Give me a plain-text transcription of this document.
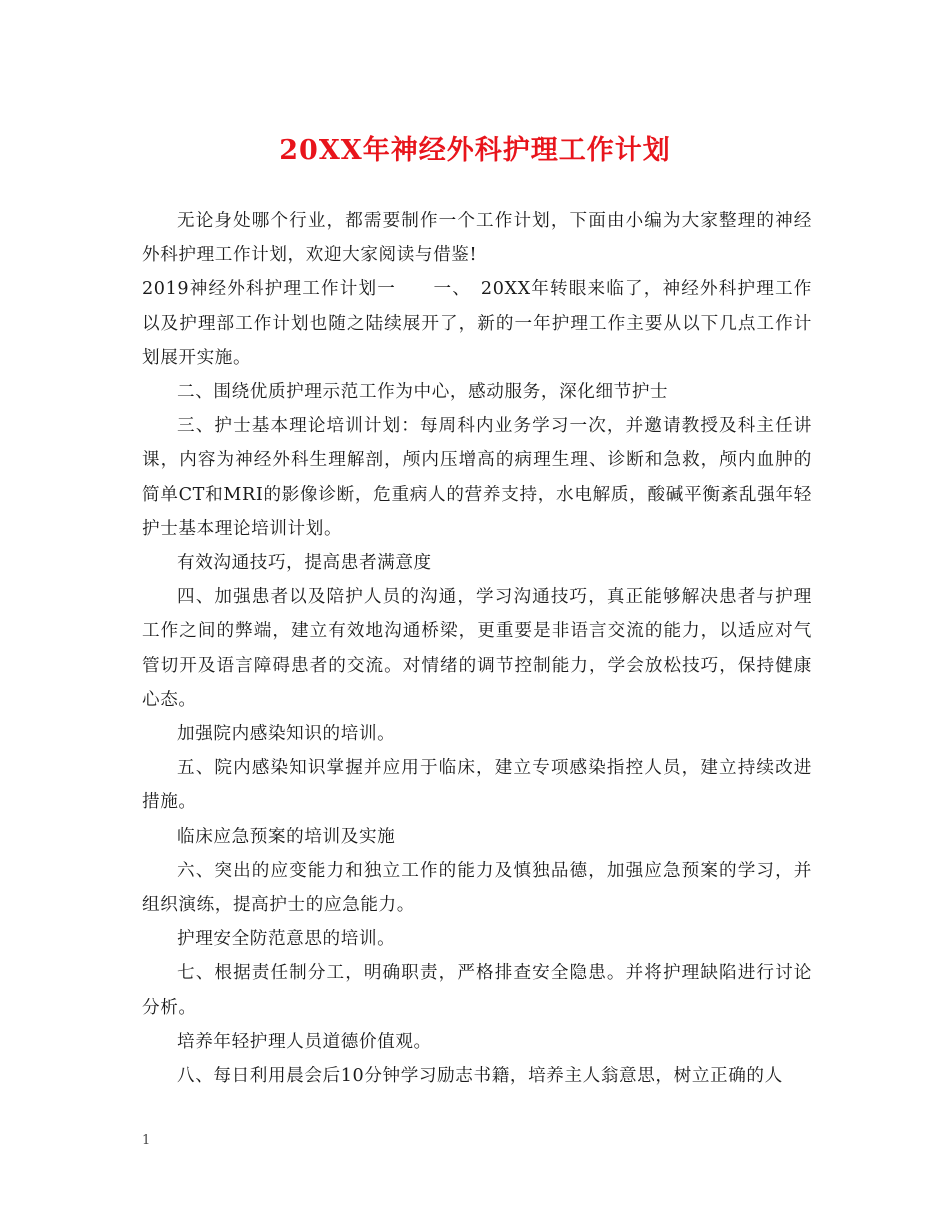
20XX年神经外科护理工作计划

无论身处哪个行业，都需要制作一个工作计划，下面由小编为大家整理的神经外科护理工作计划，欢迎大家阅读与借鉴!

2019神经外科护理工作计划一　　一、　20XX年转眼来临了，神经外科护理工作以及护理部工作计划也随之陆续展开了，新的一年护理工作主要从以下几点工作计划展开实施。

二、围绕优质护理示范工作为中心，感动服务，深化细节护士

三、护士基本理论培训计划：每周科内业务学习一次，并邀请教授及科主任讲课，内容为神经外科生理解剖，颅内压增高的病理生理、诊断和急救，颅内血肿的简单CT和MRI的影像诊断，危重病人的营养支持，水电解质，酸碱平衡紊乱强年轻护士基本理论培训计划。

有效沟通技巧，提高患者满意度

四、加强患者以及陪护人员的沟通，学习沟通技巧，真正能够解决患者与护理工作之间的弊端，建立有效地沟通桥梁，更重要是非语言交流的能力，以适应对气管切开及语言障碍患者的交流。对情绪的调节控制能力，学会放松技巧，保持健康心态。

加强院内感染知识的培训。

五、院内感染知识掌握并应用于临床，建立专项感染指控人员，建立持续改进措施。

临床应急预案的培训及实施

六、突出的应变能力和独立工作的能力及慎独品德，加强应急预案的学习，并组织演练，提高护士的应急能力。

护理安全防范意思的培训。

七、根据责任制分工，明确职责，严格排查安全隐患。并将护理缺陷进行讨论分析。

培养年轻护理人员道德价值观。

八、每日利用晨会后10分钟学习励志书籍，培养主人翁意思，树立正确的人

1
